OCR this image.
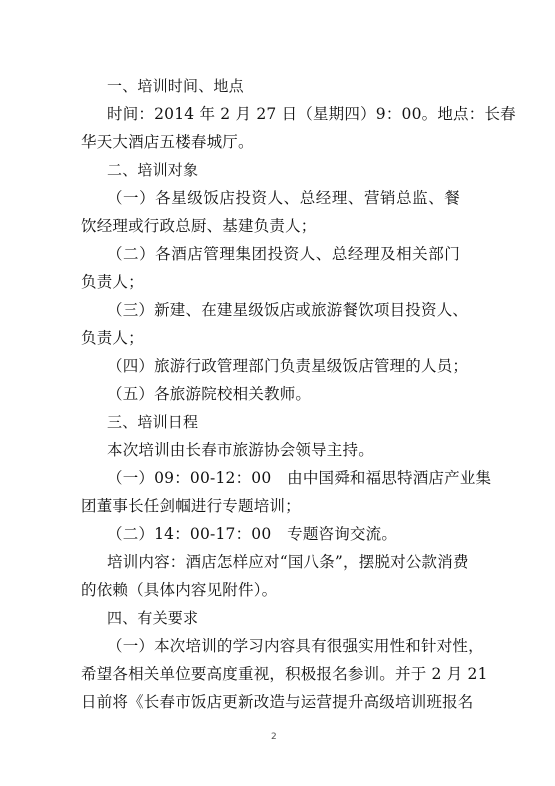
一、培训时间、地点
时间：2014 年 2 月 27 日（星期四）9：00。地点：长春
华天大酒店五楼春城厅。
二、培训对象
（一）各星级饭店投资人、总经理、营销总监、餐
饮经理或行政总厨、基建负责人；
（二）各酒店管理集团投资人、总经理及相关部门
负责人；
（三）新建、在建星级饭店或旅游餐饮项目投资人、
负责人；
（四）旅游行政管理部门负责星级饭店管理的人员；
（五）各旅游院校相关教师。
三、培训日程
本次培训由长春市旅游协会领导主持。
（一）09：00-12：00　由中国舜和福思特酒店产业集
团董事长任剑帼进行专题培训；
（二）14：00-17：00　专题咨询交流。
培训内容：酒店怎样应对“国八条”，摆脱对公款消费
的依赖（具体内容见附件）。
四、有关要求
（一）本次培训的学习内容具有很强实用性和针对性，
希望各相关单位要高度重视，积极报名参训。并于 2 月 21
日前将《长春市饭店更新改造与运营提升高级培训班报名
2
